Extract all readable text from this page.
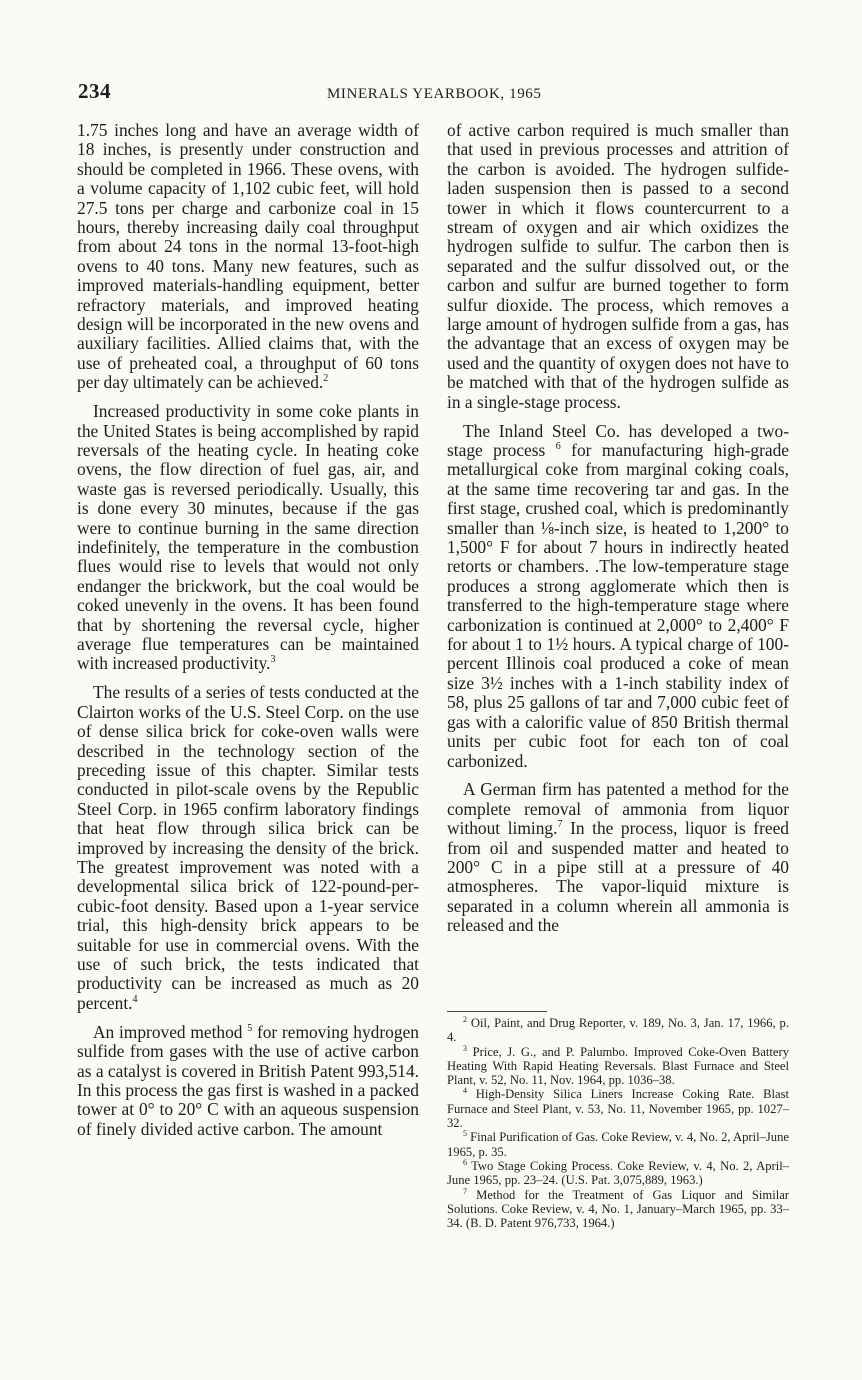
234	MINERALS YEARBOOK, 1965

1.75 inches long and have an average width of 18 inches, is presently under construction and should be completed in 1966. These ovens, with a volume capacity of 1,102 cubic feet, will hold 27.5 tons per charge and carbonize coal in 15 hours, thereby increasing daily coal throughput from about 24 tons in the normal 13-foot-high ovens to 40 tons. Many new features, such as improved materials-handling equipment, better refractory materials, and improved heating design will be incorporated in the new ovens and auxiliary facilities. Allied claims that, with the use of preheated coal, a throughput of 60 tons per day ultimately can be achieved.$^2$

Increased productivity in some coke plants in the United States is being accomplished by rapid reversals of the heating cycle. In heating coke ovens, the flow direction of fuel gas, air, and waste gas is reversed periodically. Usually, this is done every 30 minutes, because if the gas were to continue burning in the same direction indefinitely, the temperature in the combustion flues would rise to levels that would not only endanger the brickwork, but the coal would be coked unevenly in the ovens. It has been found that by shortening the reversal cycle, higher average flue temperatures can be maintained with increased productivity.$^3$

The results of a series of tests conducted at the Clairton works of the U.S. Steel Corp. on the use of dense silica brick for coke-oven walls were described in the technology section of the preceding issue of this chapter. Similar tests conducted in pilot-scale ovens by the Republic Steel Corp. in 1965 confirm laboratory findings that heat flow through silica brick can be improved by increasing the density of the brick. The greatest improvement was noted with a developmental silica brick of 122-pound-per-cubic-foot density. Based upon a 1-year service trial, this high-density brick appears to be suitable for use in commercial ovens. With the use of such brick, the tests indicated that productivity can be increased as much as 20 percent.$^4$

An improved method $^5$ for removing hydrogen sulfide from gases with the use of active carbon as a catalyst is covered in British Patent 993,514. In this process the gas first is washed in a packed tower at 0° to 20° C with an aqueous suspension of finely divided active carbon. The amount

of active carbon required is much smaller than that used in previous processes and attrition of the carbon is avoided. The hydrogen sulfide-laden suspension then is passed to a second tower in which it flows countercurrent to a stream of oxygen and air which oxidizes the hydrogen sulfide to sulfur. The carbon then is separated and the sulfur dissolved out, or the carbon and sulfur are burned together to form sulfur dioxide. The process, which removes a large amount of hydrogen sulfide from a gas, has the advantage that an excess of oxygen may be used and the quantity of oxygen does not have to be matched with that of the hydrogen sulfide as in a single-stage process.

The Inland Steel Co. has developed a two-stage process $^6$ for manufacturing high-grade metallurgical coke from marginal coking coals, at the same time recovering tar and gas. In the first stage, crushed coal, which is predominantly smaller than ⅛-inch size, is heated to 1,200° to 1,500° F for about 7 hours in indirectly heated retorts or chambers. .The low-temperature stage produces a strong agglomerate which then is transferred to the high-temperature stage where carbonization is continued at 2,000° to 2,400° F for about 1 to 1½ hours. A typical charge of 100-percent Illinois coal produced a coke of mean size 3½ inches with a 1-inch stability index of 58, plus 25 gallons of tar and 7,000 cubic feet of gas with a calorific value of 850 British thermal units per cubic foot for each ton of coal carbonized.

A German firm has patented a method for the complete removal of ammonia from liquor without liming.$^7$ In the process, liquor is freed from oil and suspended matter and heated to 200° C in a pipe still at a pressure of 40 atmospheres. The vapor-liquid mixture is separated in a column wherein all ammonia is released and the

$^2$ Oil, Paint, and Drug Reporter, v. 189, No. 3, Jan. 17, 1966, p. 4.

$^3$ Price, J. G., and P. Palumbo. Improved Coke-Oven Battery Heating With Rapid Heating Reversals. Blast Furnace and Steel Plant, v. 52, No. 11, Nov. 1964, pp. 1036–38.

$^4$ High-Density Silica Liners Increase Coking Rate. Blast Furnace and Steel Plant, v. 53, No. 11, November 1965, pp. 1027–32.

$^5$ Final Purification of Gas. Coke Review, v. 4, No. 2, April–June 1965, p. 35.

$^6$ Two Stage Coking Process. Coke Review, v. 4, No. 2, April–June 1965, pp. 23–24. (U.S. Pat. 3,075,889, 1963.)

$^7$ Method for the Treatment of Gas Liquor and Similar Solutions. Coke Review, v. 4, No. 1, January–March 1965, pp. 33–34. (B. D. Patent 976,733, 1964.)
